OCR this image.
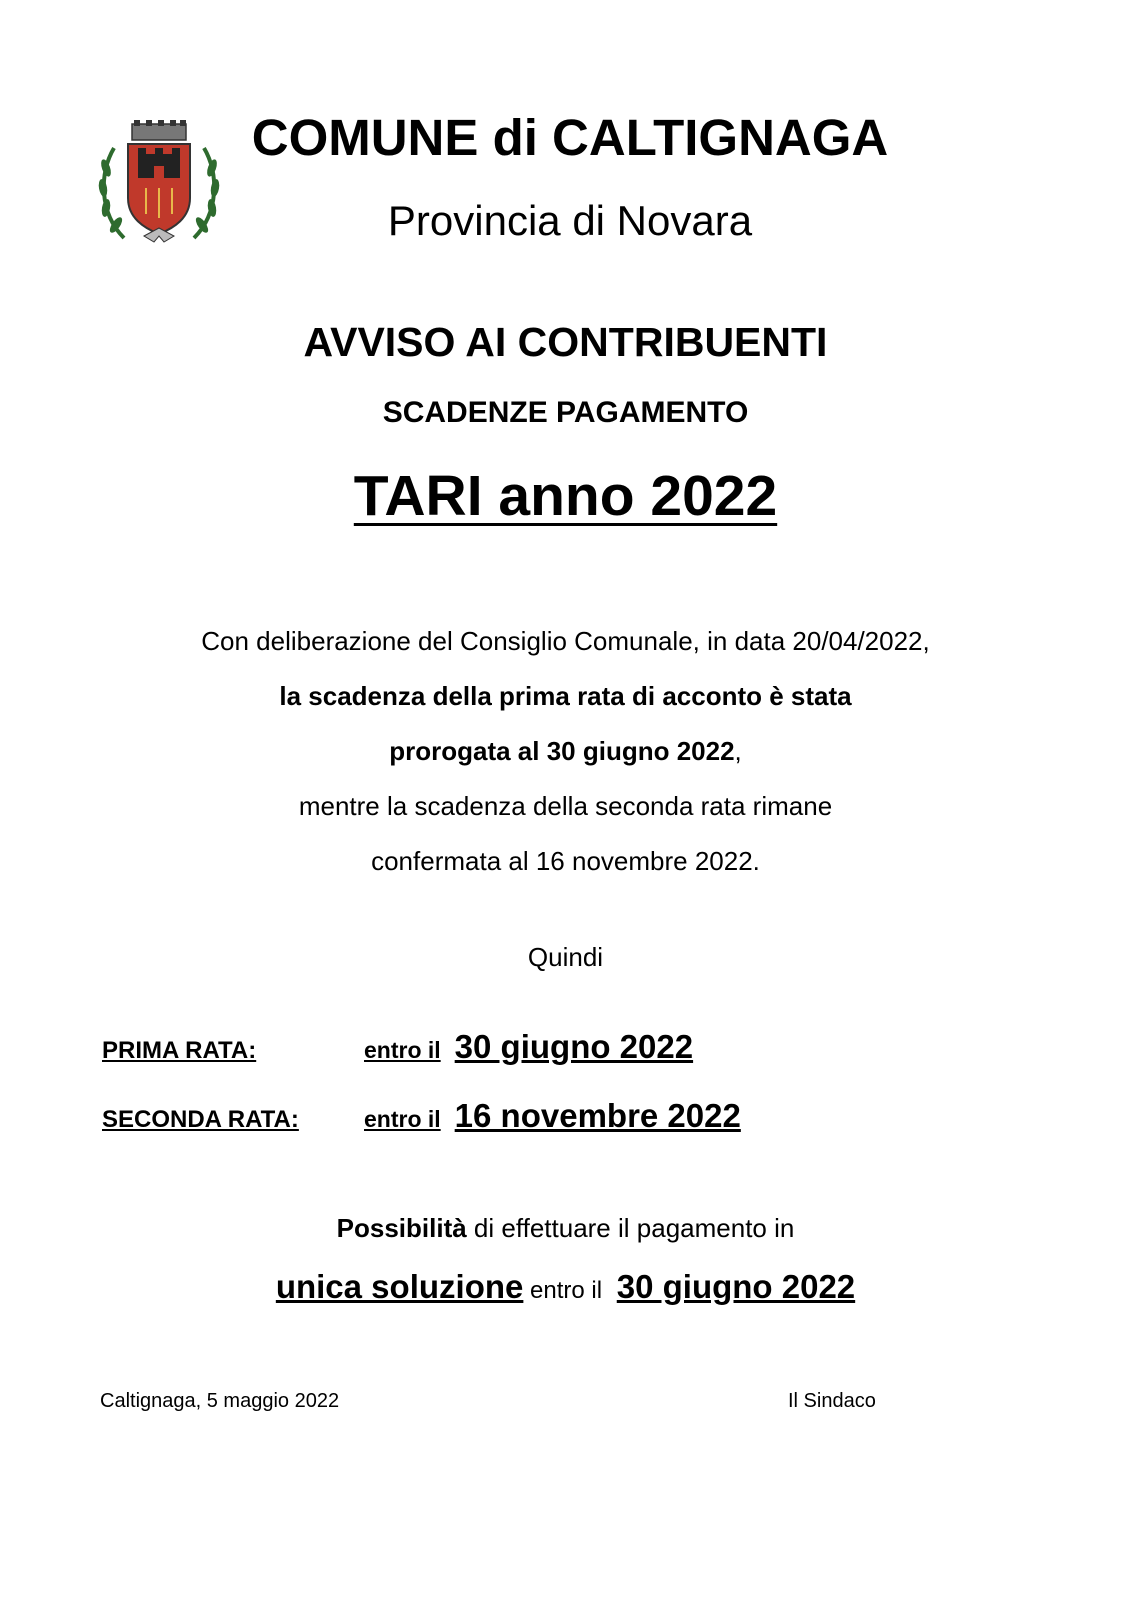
COMUNE di CALTIGNAGA
Provincia di Novara
AVVISO AI CONTRIBUENTI
SCADENZE PAGAMENTO
TARI anno 2022
Con deliberazione del Consiglio Comunale, in data 20/04/2022,
la scadenza della prima rata di acconto è stata
prorogata al 30 giugno 2022,
mentre la scadenza della seconda rata rimane
confermata al 16 novembre 2022.
Quindi
PRIMA RATA:	entro il 30 giugno 2022
SECONDA RATA:	entro il 16 novembre 2022
Possibilità di effettuare il pagamento in
unica soluzione entro il 30 giugno 2022
Caltignaga, 5 maggio 2022	Il Sindaco
